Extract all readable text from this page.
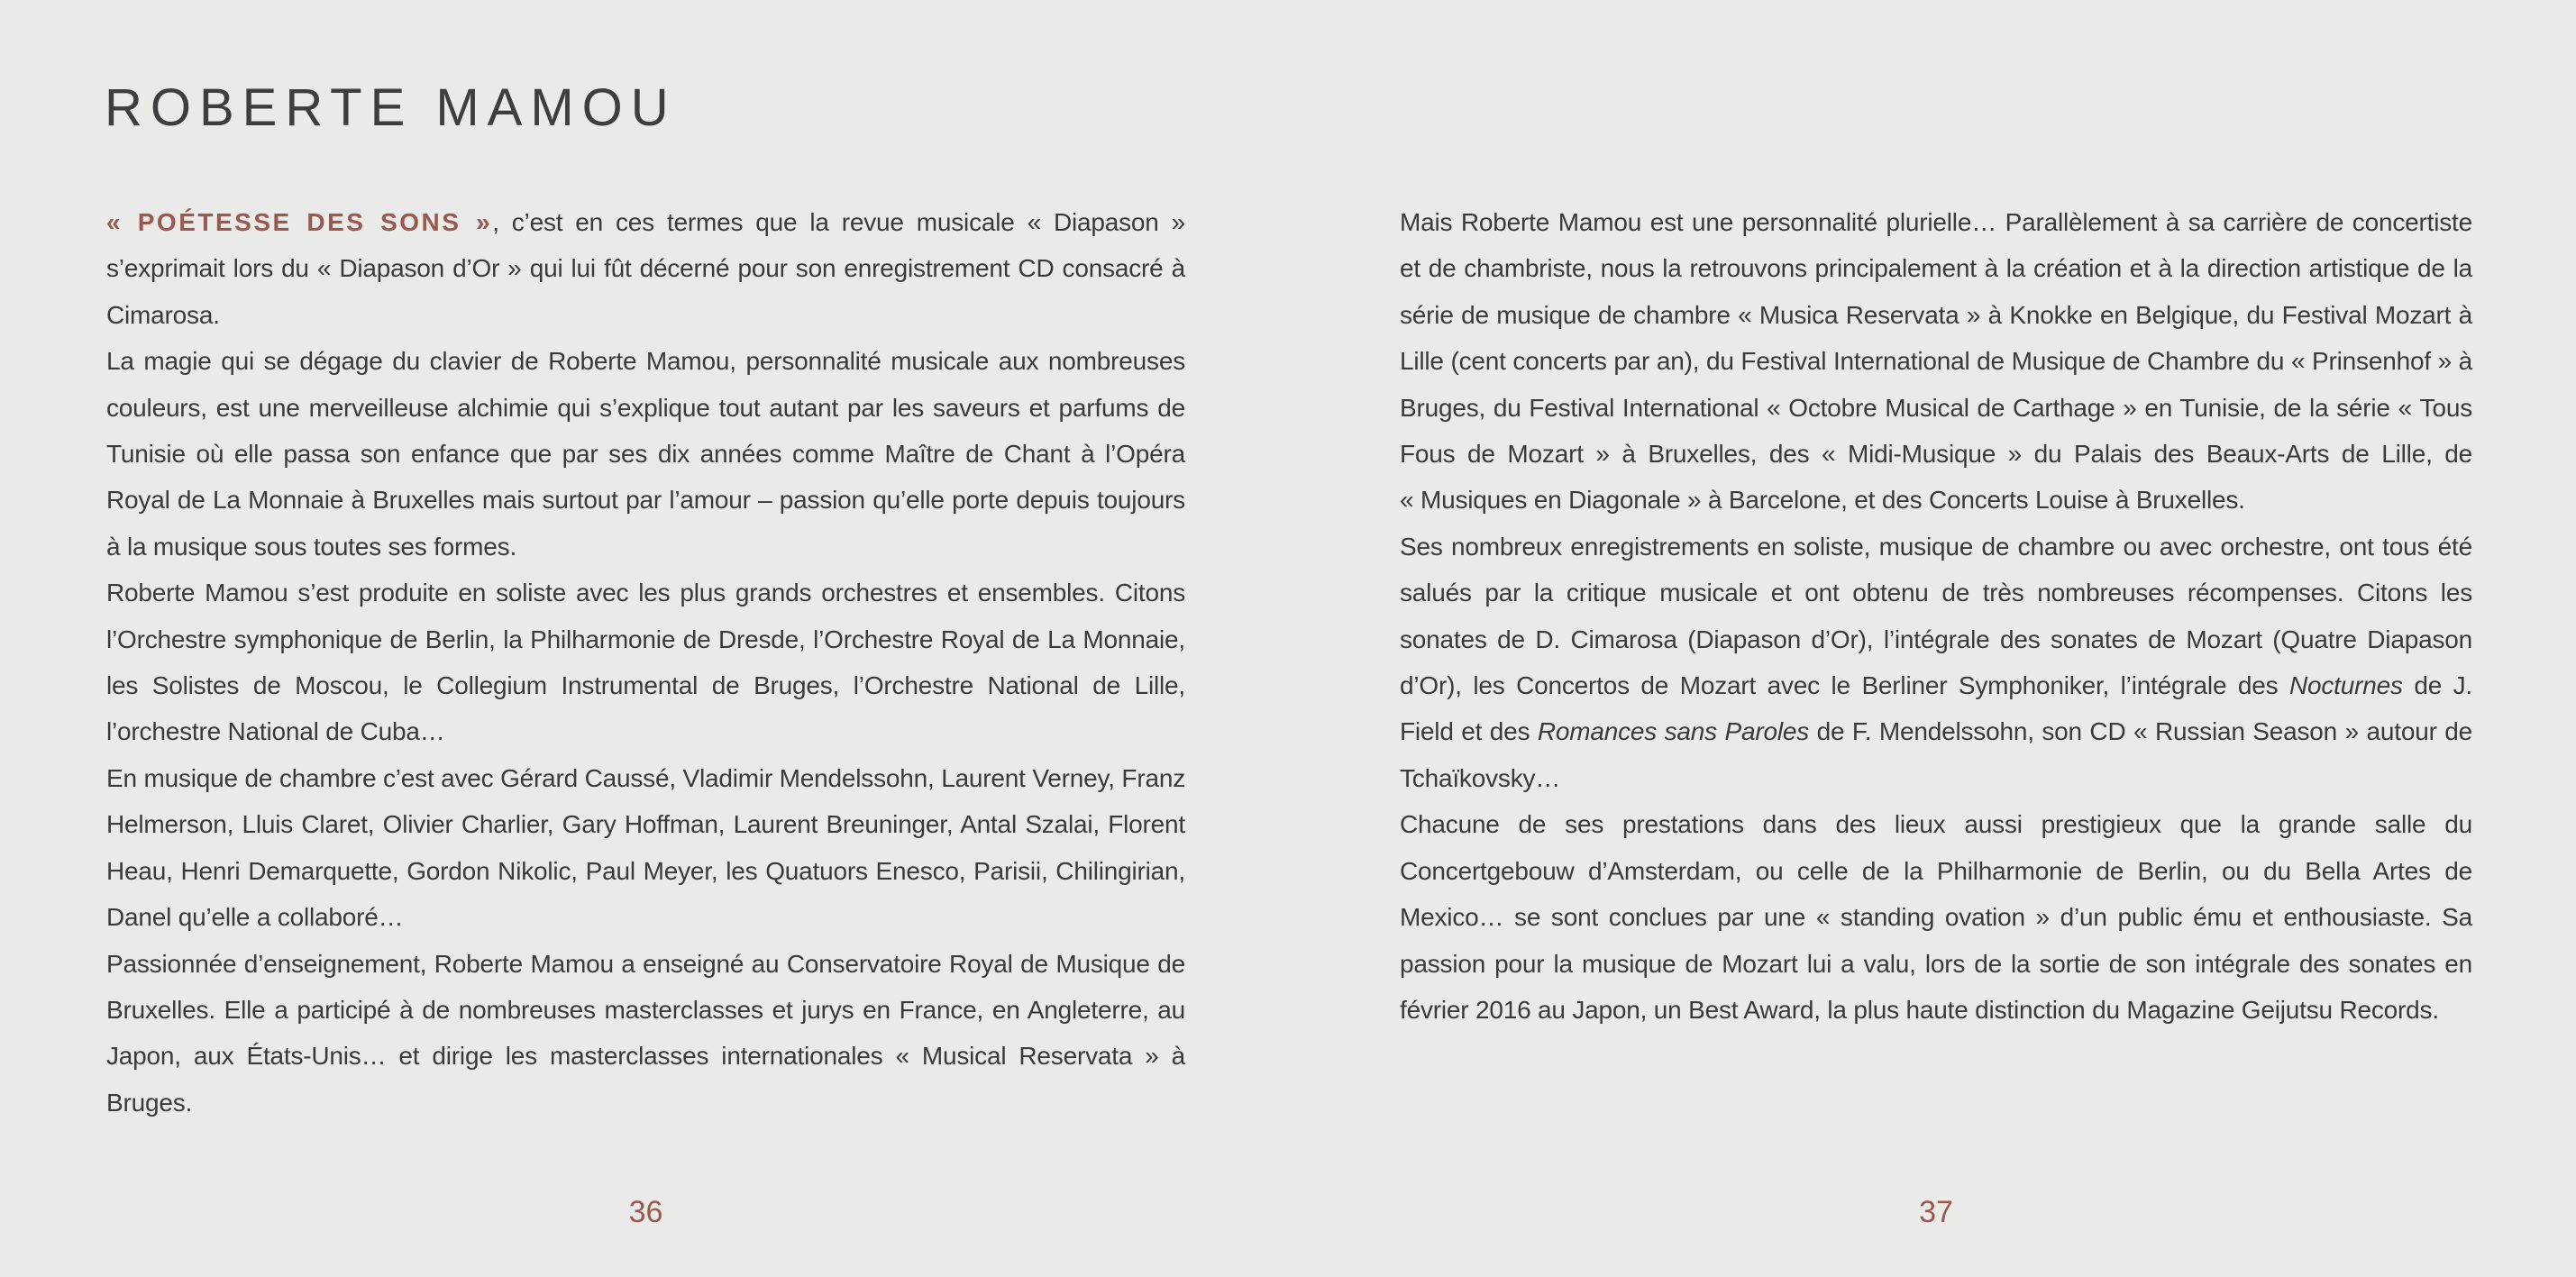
ROBERTE MAMOU

« POÉTESSE DES SONS », c’est en ces termes que la revue musicale « Diapason » s’exprimait lors du « Diapason d’Or » qui lui fût décerné pour son enregistrement CD consacré à Cimarosa.

La magie qui se dégage du clavier de Roberte Mamou, personnalité musicale aux nombreuses couleurs, est une merveilleuse alchimie qui s’explique tout autant par les saveurs et parfums de Tunisie où elle passa son enfance que par ses dix années comme Maître de Chant à l’Opéra Royal de La Monnaie à Bruxelles mais surtout par l’amour – passion qu’elle porte depuis toujours à la musique sous toutes ses formes.

Roberte Mamou s’est produite en soliste avec les plus grands orchestres et ensembles. Citons l’Orchestre symphonique de Berlin, la Philharmonie de Dresde, l’Orchestre Royal de La Monnaie, les Solistes de Moscou, le Collegium Instrumental de Bruges, l’Orchestre National de Lille, l’orchestre National de Cuba…

En musique de chambre c’est avec Gérard Caussé, Vladimir Mendelssohn, Laurent Verney, Franz Helmerson, Lluis Claret, Olivier Charlier, Gary Hoffman, Laurent Breuninger, Antal Szalai, Florent Heau, Henri Demarquette, Gordon Nikolic, Paul Meyer, les Quatuors Enesco, Parisii, Chilingirian, Danel qu’elle a collaboré…

Passionnée d’enseignement, Roberte Mamou a enseigné au Conservatoire Royal de Musique de Bruxelles. Elle a participé à de nombreuses masterclasses et jurys en France, en Angleterre, au Japon, aux États-Unis… et dirige les masterclasses internationales « Musical Reservata » à Bruges.

36

Mais Roberte Mamou est une personnalité plurielle… Parallèlement à sa carrière de concertiste et de chambriste, nous la retrouvons principalement à la création et à la direction artistique de la série de musique de chambre « Musica Reservata » à Knokke en Belgique, du Festival Mozart à Lille (cent concerts par an), du Festival International de Musique de Chambre du « Prinsenhof » à Bruges, du Festival International « Octobre Musical de Carthage » en Tunisie, de la série « Tous Fous de Mozart » à Bruxelles, des « Midi-Musique » du Palais des Beaux-Arts de Lille, de « Musiques en Diagonale » à Barcelone, et des Concerts Louise à Bruxelles.

Ses nombreux enregistrements en soliste, musique de chambre ou avec orchestre, ont tous été salués par la critique musicale et ont obtenu de très nombreuses récompenses. Citons les sonates de D. Cimarosa (Diapason d’Or), l’intégrale des sonates de Mozart (Quatre Diapason d’Or), les Concertos de Mozart avec le Berliner Symphoniker, l’intégrale des Nocturnes de J. Field et des Romances sans Paroles de F. Mendelssohn, son CD « Russian Season » autour de Tchaïkovsky…

Chacune de ses prestations dans des lieux aussi prestigieux que la grande salle du Concertgebouw d’Amsterdam, ou celle de la Philharmonie de Berlin, ou du Bella Artes de Mexico… se sont conclues par une « standing ovation » d’un public ému et enthousiaste. Sa passion pour la musique de Mozart lui a valu, lors de la sortie de son intégrale des sonates en février 2016 au Japon, un Best Award, la plus haute distinction du Magazine Geijutsu Records.

37
